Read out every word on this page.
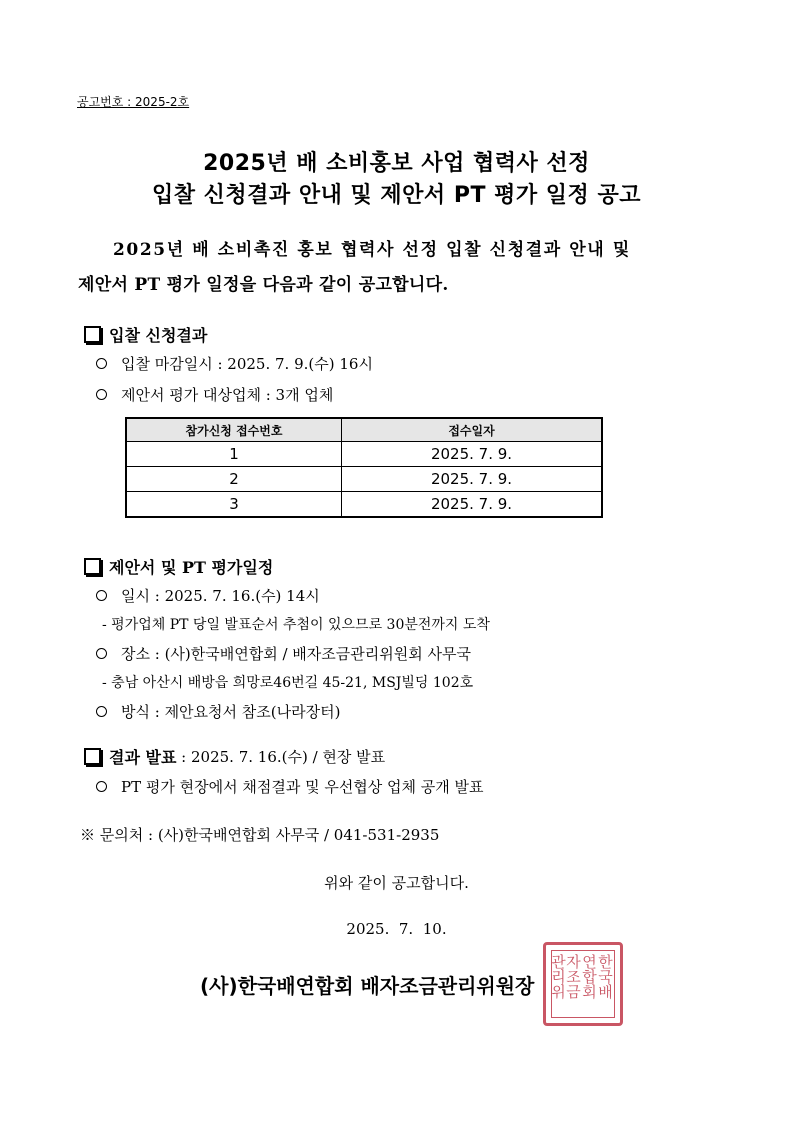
공고번호 : 2025-2호
2025년 배 소비홍보 사업 협력사 선정
입찰 신청결과 안내 및 제안서 PT 평가 일정 공고
2025년 배 소비촉진 홍보 협력사 선정 입찰 신청결과 안내 및
제안서 PT 평가 일정을 다음과 같이 공고합니다.
입찰 신청결과
입찰 마감일시 : 2025. 7. 9.(수) 16시
제안서 평가 대상업체 : 3개 업체
참가신청 접수번호	접수일자
1	2025. 7. 9.
2	2025. 7. 9.
3	2025. 7. 9.
제안서 및 PT 평가일정
일시 : 2025. 7. 16.(수) 14시
- 평가업체 PT 당일 발표순서 추첨이 있으므로 30분전까지 도착
장소 : (사)한국배연합회 / 배자조금관리위원회 사무국
- 충남 아산시 배방읍 희망로46번길 45-21, MSJ빌딩 102호
방식 : 제안요청서 참조(나라장터)
결과 발표 : 2025. 7. 16.(수) / 현장 발표
PT 평가 현장에서 채점결과 및 우선협상 업체 공개 발표
※ 문의처 : (사)한국배연합회 사무국 / 041-531-2935
위와 같이 공고합니다.
2025.  7.  10.
한국배
연합회
자조금
관리위
(사)한국배연합회 배자조금관리위원장
